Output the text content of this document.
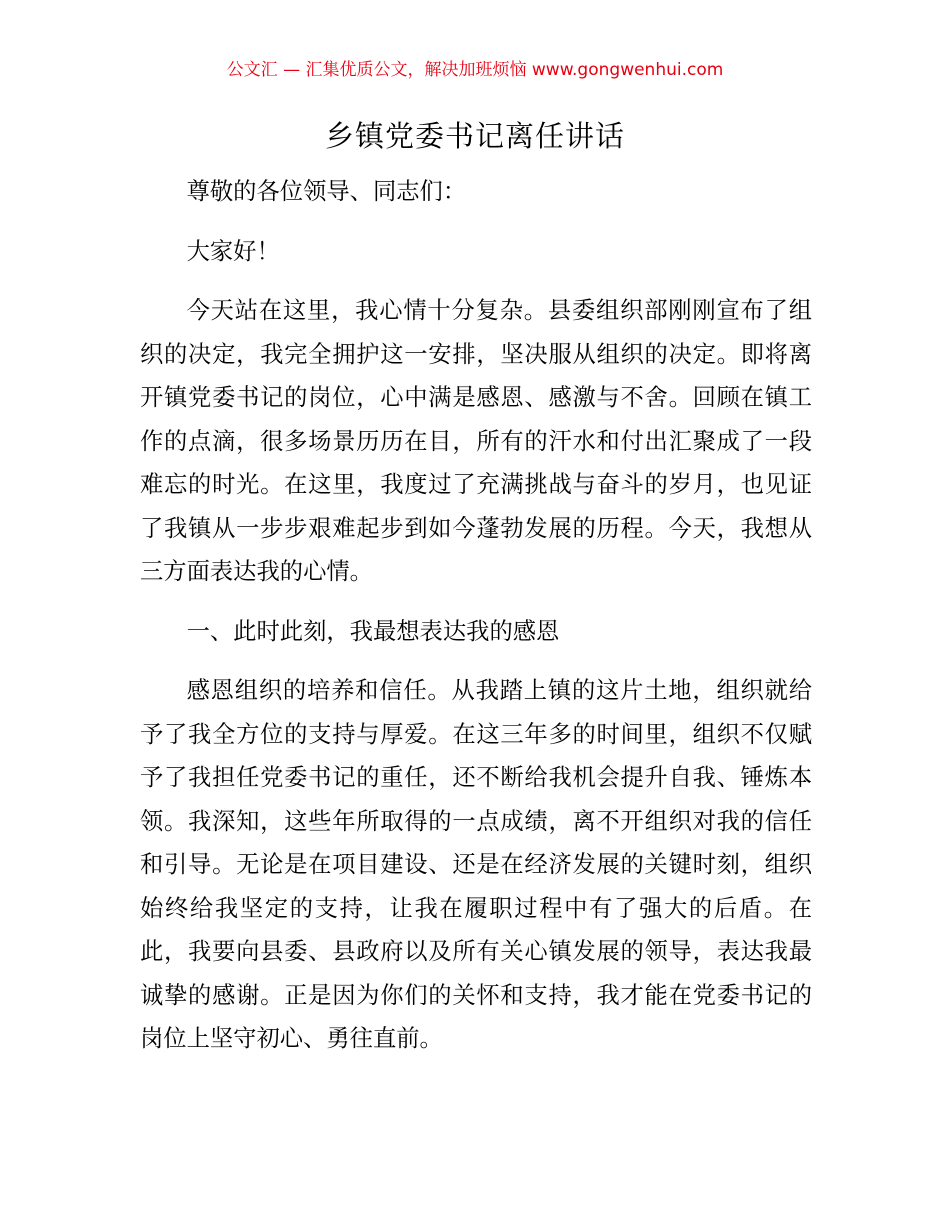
公文汇 — 汇集优质公文，解决加班烦恼 www.gongwenhui.com
乡镇党委书记离任讲话

尊敬的各位领导、同志们：

大家好！

今天站在这里，我心情十分复杂。县委组织部刚刚宣布了组织的决定，我完全拥护这一安排，坚决服从组织的决定。即将离开镇党委书记的岗位，心中满是感恩、感激与不舍。回顾在镇工作的点滴，很多场景历历在目，所有的汗水和付出汇聚成了一段难忘的时光。在这里，我度过了充满挑战与奋斗的岁月，也见证了我镇从一步步艰难起步到如今蓬勃发展的历程。今天，我想从三方面表达我的心情。

一、此时此刻，我最想表达我的感恩

感恩组织的培养和信任。从我踏上镇的这片土地，组织就给予了我全方位的支持与厚爱。在这三年多的时间里，组织不仅赋予了我担任党委书记的重任，还不断给我机会提升自我、锤炼本领。我深知，这些年所取得的一点成绩，离不开组织对我的信任和引导。无论是在项目建设、还是在经济发展的关键时刻，组织始终给我坚定的支持，让我在履职过程中有了强大的后盾。在此，我要向县委、县政府以及所有关心镇发展的领导，表达我最诚挚的感谢。正是因为你们的关怀和支持，我才能在党委书记的岗位上坚守初心、勇往直前。
